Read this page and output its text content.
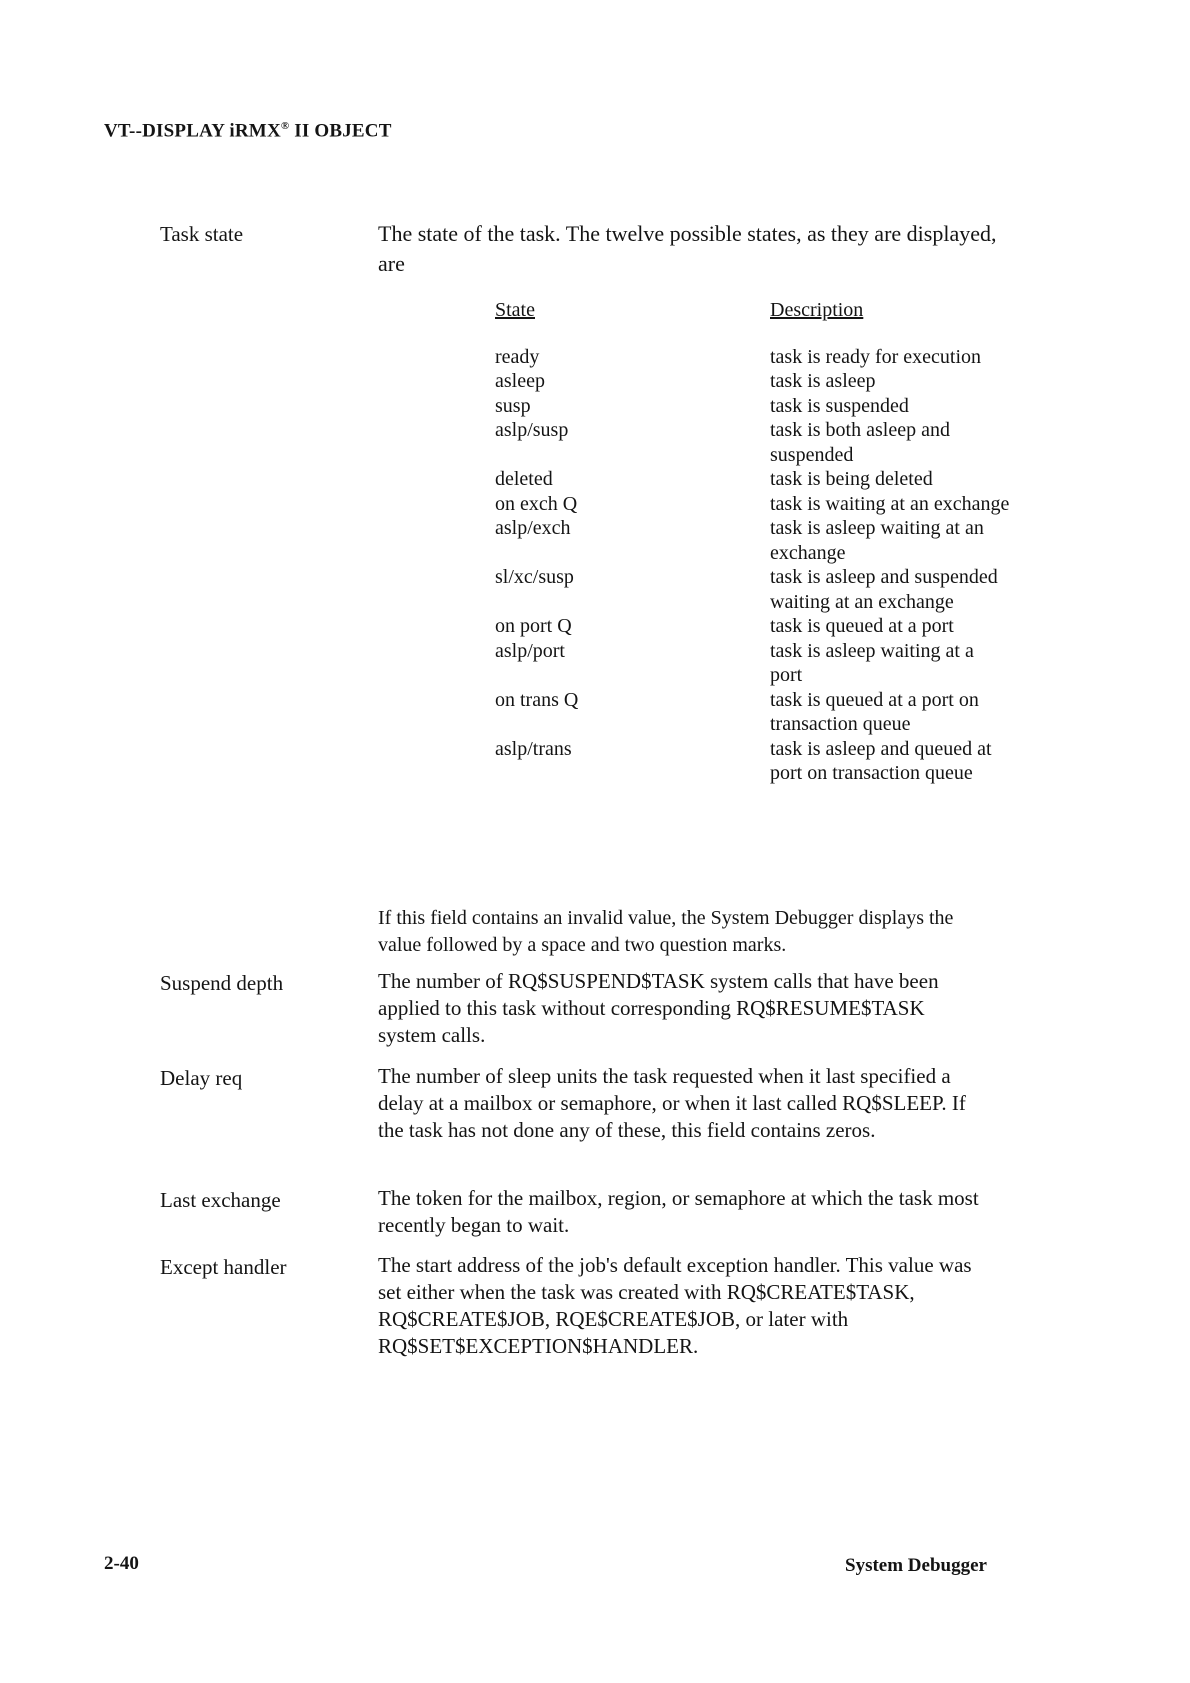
VT--DISPLAY iRMX® II OBJECT
Task state	The state of the task. The twelve possible states, as they are displayed, are
State	Description
ready	task is ready for execution
asleep	task is asleep
susp	task is suspended
aslp/susp	task is both asleep and suspended
deleted	task is being deleted
on exch Q	task is waiting at an exchange
aslp/exch	task is asleep waiting at an exchange
sl/xc/susp	task is asleep and suspended waiting at an exchange
on port Q	task is queued at a port
aslp/port	task is asleep waiting at a port
on trans Q	task is queued at a port on transaction queue
aslp/trans	task is asleep and queued at port on transaction queue
If this field contains an invalid value, the System Debugger displays the value followed by a space and two question marks.
Suspend depth	The number of RQ$SUSPEND$TASK system calls that have been applied to this task without corresponding RQ$RESUME$TASK system calls.
Delay req	The number of sleep units the task requested when it last specified a delay at a mailbox or semaphore, or when it last called RQ$SLEEP. If the task has not done any of these, this field contains zeros.
Last exchange	The token for the mailbox, region, or semaphore at which the task most recently began to wait.
Except handler	The start address of the job's default exception handler. This value was set either when the task was created with RQ$CREATE$TASK, RQ$CREATE$JOB, RQE$CREATE$JOB, or later with RQ$SET$EXCEPTION$HANDLER.
2-40	System Debugger
